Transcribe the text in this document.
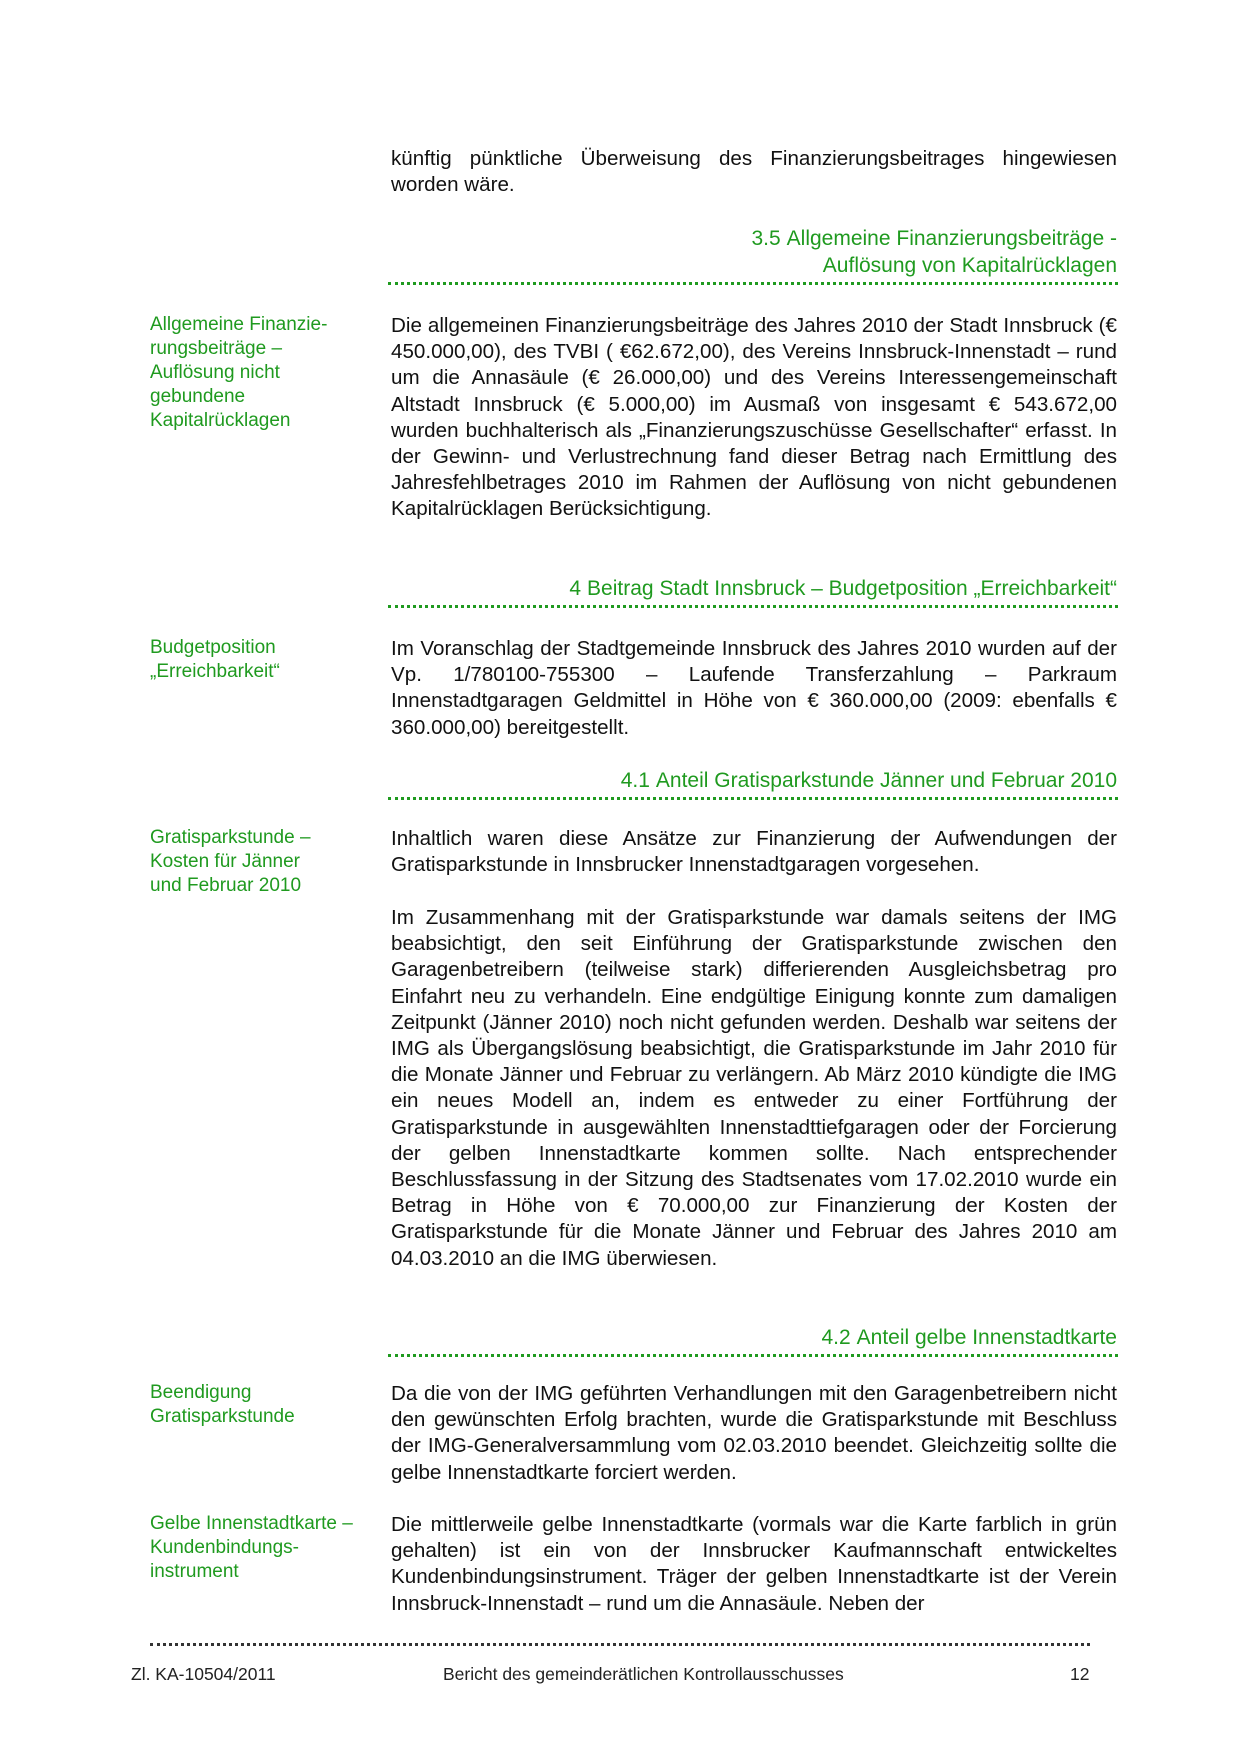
künftig pünktliche Überweisung des Finanzierungsbeitrages hingewiesen worden wäre.

3.5 Allgemeine Finanzierungsbeiträge -
Auflösung von Kapitalrücklagen

Allgemeine Finanzie-
rungsbeiträge –
Auflösung nicht
gebundene
Kapitalrücklagen

Die allgemeinen Finanzierungsbeiträge des Jahres 2010 der Stadt Innsbruck (€ 450.000,00), des TVBI ( €62.672,00), des Vereins Innsbruck-Innenstadt – rund um die Annasäule (€ 26.000,00) und des Vereins Interessengemeinschaft Altstadt Innsbruck (€ 5.000,00) im Ausmaß von insgesamt € 543.672,00 wurden buchhalterisch als „Finanzierungszuschüsse Gesellschafter“ erfasst. In der Gewinn- und Verlustrechnung fand dieser Betrag nach Ermittlung des Jahresfehlbetrages 2010 im Rahmen der Auflösung von nicht gebundenen Kapitalrücklagen Berücksichtigung.

4 Beitrag Stadt Innsbruck – Budgetposition „Erreichbarkeit“

Budgetposition
„Erreichbarkeit“

Im Voranschlag der Stadtgemeinde Innsbruck des Jahres 2010 wurden auf der Vp. 1/780100-755300 – Laufende Transferzahlung – Parkraum Innenstadtgaragen Geldmittel in Höhe von € 360.000,00 (2009: ebenfalls € 360.000,00) bereitgestellt.

4.1 Anteil Gratisparkstunde Jänner und Februar 2010

Gratisparkstunde –
Kosten für Jänner
und Februar 2010

Inhaltlich waren diese Ansätze zur Finanzierung der Aufwendungen der Gratisparkstunde in Innsbrucker Innenstadtgaragen vorgesehen.

Im Zusammenhang mit der Gratisparkstunde war damals seitens der IMG beabsichtigt, den seit Einführung der Gratisparkstunde zwischen den Garagenbetreibern (teilweise stark) differierenden Ausgleichsbetrag pro Einfahrt neu zu verhandeln. Eine endgültige Einigung konnte zum damaligen Zeitpunkt (Jänner 2010) noch nicht gefunden werden. Deshalb war seitens der IMG als Übergangslösung beabsichtigt, die Gratisparkstunde im Jahr 2010 für die Monate Jänner und Februar zu verlängern. Ab März 2010 kündigte die IMG ein neues Modell an, indem es entweder zu einer Fortführung der Gratisparkstunde in ausgewählten Innenstadttiefgaragen oder der Forcierung der gelben Innenstadtkarte kommen sollte. Nach entsprechender Beschlussfassung in der Sitzung des Stadtsenates vom 17.02.2010 wurde ein Betrag in Höhe von € 70.000,00 zur Finanzierung der Kosten der Gratisparkstunde für die Monate Jänner und Februar des Jahres 2010 am 04.03.2010 an die IMG überwiesen.

4.2 Anteil gelbe Innenstadtkarte

Beendigung
Gratisparkstunde

Da die von der IMG geführten Verhandlungen mit den Garagenbetreibern nicht den gewünschten Erfolg brachten, wurde die Gratisparkstunde mit Beschluss der IMG-Generalversammlung vom 02.03.2010 beendet. Gleichzeitig sollte die gelbe Innenstadtkarte forciert werden.

Gelbe Innenstadtkarte –
Kundenbindungs-
instrument

Die mittlerweile gelbe Innenstadtkarte (vormals war die Karte farblich in grün gehalten) ist ein von der Innsbrucker Kaufmannschaft entwickeltes Kundenbindungsinstrument. Träger der gelben Innenstadtkarte ist der Verein Innsbruck-Innenstadt – rund um die Annasäule. Neben der

Zl. KA-10504/2011	Bericht des gemeinderätlichen Kontrollausschusses	12
